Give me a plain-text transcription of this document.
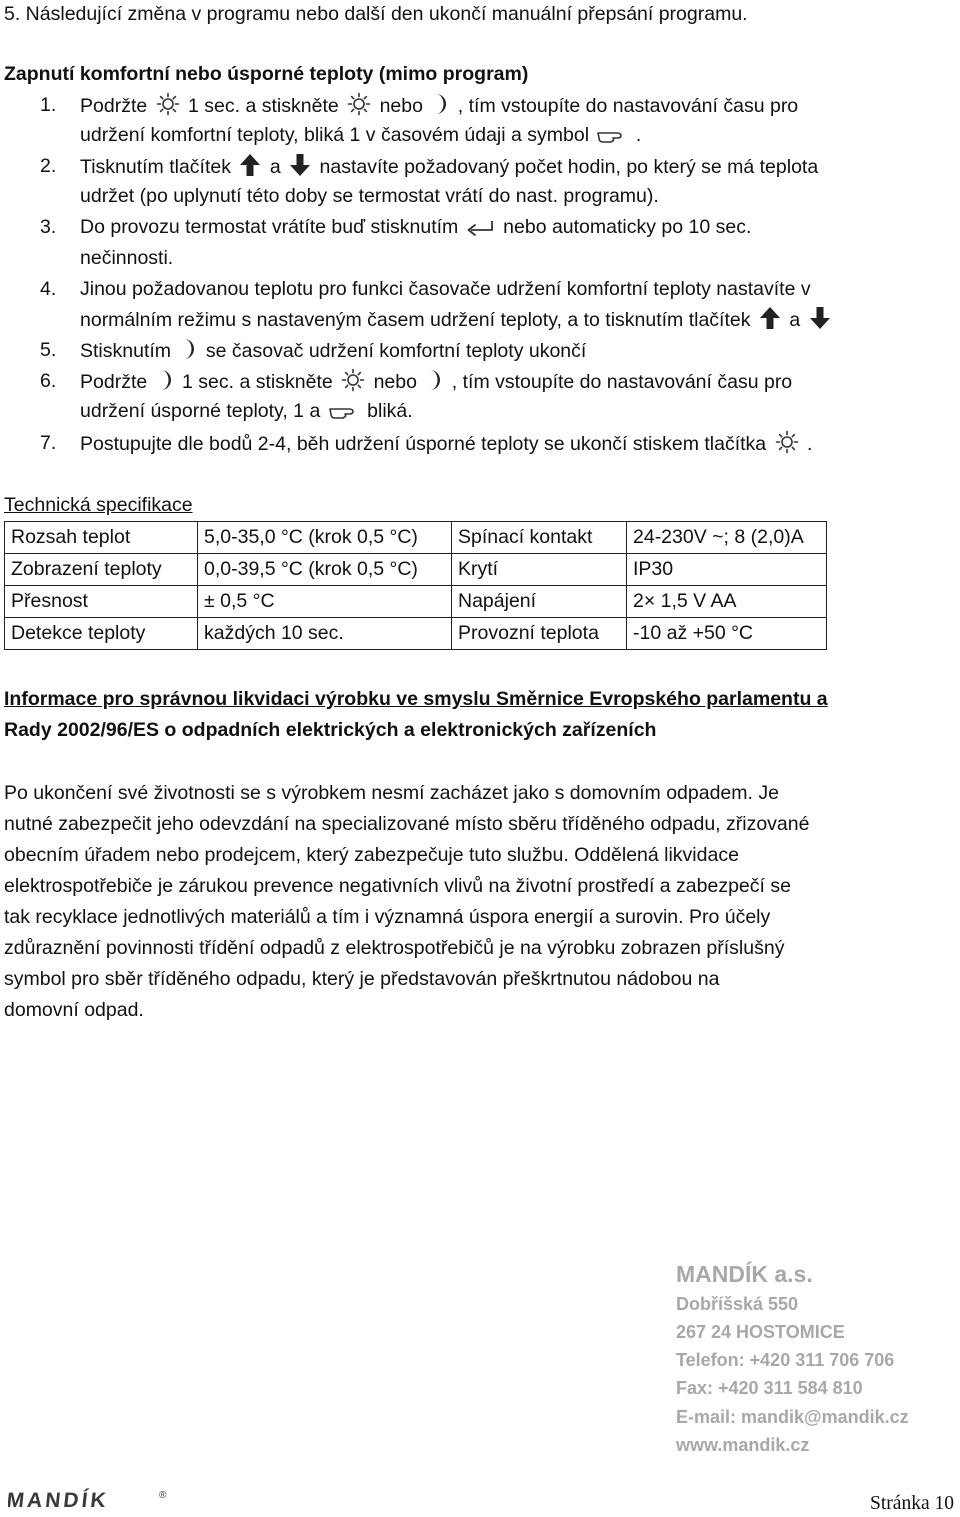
5. Následující změna v programu nebo další den ukončí manuální přepsání programu.
Zapnutí komfortní nebo úsporné teploty (mimo program)
1. Podržte 1 sec. a stiskněte nebo , tím vstoupíte do nastavování času pro
udržení komfortní teploty, bliká 1 v časovém údaji a symbol .
2. Tisknutím tlačítek a nastavíte požadovaný počet hodin, po který se má teplota
udržet (po uplynutí této doby se termostat vrátí do nast. programu).
3. Do provozu termostat vrátíte buď stisknutím nebo automaticky po 10 sec.
nečinnosti.
4. Jinou požadovanou teplotu pro funkci časovače udržení komfortní teploty nastavíte v
normálním režimu s nastaveným časem udržení teploty, a to tisknutím tlačítek a
5. Stisknutím se časovač udržení komfortní teploty ukončí
6. Podržte 1 sec. a stiskněte nebo , tím vstoupíte do nastavování času pro
udržení úsporné teploty, 1 a bliká.
7. Postupujte dle bodů 2-4, běh udržení úsporné teploty se ukončí stiskem tlačítka .
Technická specifikace
Rozsah teplot	5,0-35,0 °C (krok 0,5 °C)	Spínací kontakt	24-230V ~; 8 (2,0)A
Zobrazení teploty	0,0-39,5 °C (krok 0,5 °C)	Krytí	IP30
Přesnost	± 0,5 °C	Napájení	2× 1,5 V AA
Detekce teploty	každých 10 sec.	Provozní teplota	-10 až +50 °C
Informace pro správnou likvidaci výrobku ve smyslu Směrnice Evropského parlamentu a
Rady 2002/96/ES o odpadních elektrických a elektronických zařízeních
Po ukončení své životnosti se s výrobkem nesmí zacházet jako s domovním odpadem. Je
nutné zabezpečit jeho odevzdání na specializované místo sběru tříděného odpadu, zřizované
obecním úřadem nebo prodejcem, který zabezpečuje tuto službu. Oddělená likvidace
elektrospotřebiče je zárukou prevence negativních vlivů na životní prostředí a zabezpečí se
tak recyklace jednotlivých materiálů a tím i významná úspora energií a surovin. Pro účely
zdůraznění povinnosti třídění odpadů z elektrospotřebičů je na výrobku zobrazen příslušný
symbol pro sběr tříděného odpadu, který je představován přeškrtnutou nádobou na
domovní odpad.
MANDÍK a.s.
Dobříšská 550
267 24 HOSTOMICE
Telefon: +420 311 706 706
Fax: +420 311 584 810
E-mail: mandik@mandik.cz
www.mandik.cz
MANDÍK	®	Stránka 10
